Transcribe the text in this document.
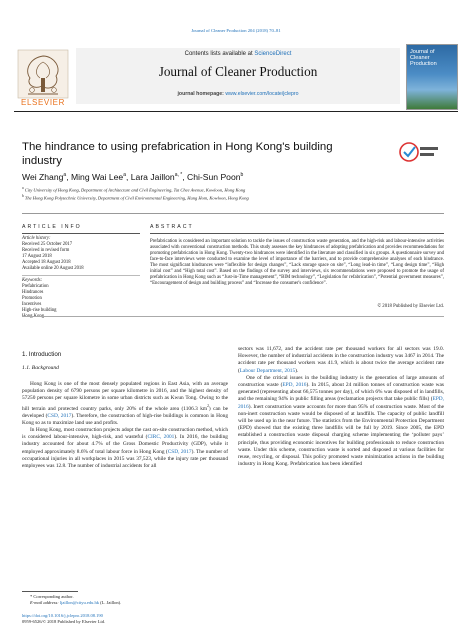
Journal of Cleaner Production 204 (2018) 70–81
ELSEVIER
Contents lists available at ScienceDirect
Journal of Cleaner Production
journal homepage: www.elsevier.com/locate/jclepro
Journal of Cleaner Production
The hindrance to using prefabrication in Hong Kong's building
industry
Wei Zhang$^a$, Ming Wai Lee$^a$, Lara Jaillon$^{a, *}$, Chi-Sun Poon$^b$
$^a$ City University of Hong Kong, Department of Architecture and Civil Engineering, Tat Chee Avenue, Kowloon, Hong Kong
$^b$ The Hong Kong Polytechnic University, Department of Civil Environmental Engineering, Hung Hom, Kowloon, Hong Kong
ARTICLE INFO
Article history:
Received 25 October 2017
Received in revised form
17 August 2018
Accepted 18 August 2018
Available online 20 August 2018
Keywords:
Prefabrication
Hindrances
Promotion
Incentives
High-rise building
Hong Kong
ABSTRACT
Prefabrication is considered an important solution to tackle the issues of construction waste generation, and the high-risk and labour-intensive activities associated with conventional construction methods. This study assesses the key hindrances of adopting prefabrication and provides recommendations for promoting prefabrication in Hong Kong. Twenty-two hindrances were identified in the literature and classified in six groups. A questionnaire survey and face-to-face interviews were conducted to examine the level of importance of the barriers, and to provide comprehensive analyses of each hindrance. The most significant hindrances were “inflexible for design changes”, “Lack storage space on site”, “Long lead-in time”, “Long design time”, “High initial cost” and “High total cost”. Based on the findings of the survey and interviews, six recommendations were proposed to promote the usage of prefabrication in Hong Kong such as “Just-in-Time management”, “BIM technology”, “Legislation for refabrication”, “Potential government measures”, “Encouragement of design and building process” and “Increase the consumer's confidence”.
© 2018 Published by Elsevier Ltd.
1. Introduction
1.1. Background

Hong Kong is one of the most densely populated regions in East Asia, with an average population density of 6790 persons per square kilometre in 2016, and the highest density of 57250 persons per square kilometre in some urban districts such as Kwun Tong. Owing to the hill terrain and protected country parks, only 20% of the whole area (1106.3 $km^2$) can be developed (CSD, 2017). Therefore, the construction of high-rise buildings is common in Hong Kong so as to maximize land use and profits.

In Hong Kong, most construction projects adopt the cast on-site construction method, which is considered labour-intensive, high-risk, and wasteful (CIRC, 2001). In 2016, the building industry accounted for about 4.7% of the Gross Domestic Productivity (GDP), while it employed approximately 8.6% of total labour force in Hong Kong (CSD, 2017). The number of occupational injuries in all workplaces in 2015 was 37,523, while the injury rate per thousand employees was 12.8. The number of industrial accidents for all

* Corresponding author.
E-mail address: ljaillon@cityu.edu.hk (L. Jaillon).
https://doi.org/10.1016/j.jclepro.2018.08.190
0959-6526/© 2018 Published by Elsevier Ltd.

sectors was 11,672, and the accident rate per thousand workers for all sectors was 19.0. However, the number of industrial accidents in the construction industry was 3467 in 2014. The accident rate per thousand workers was 41.9, which is about twice the average accident rate (Labour Department, 2015).

One of the critical issues in the building industry is the generation of large amounts of construction waste (EPD, 2016). In 2015, about 24 million tonnes of construction waste was generated (representing about 66,575 tonnes per day), of which 6% was disposed of in landfills, and the remaining 94% in public filling areas (reclamation projects that take public fills) (EPD, 2016). Inert construction waste accounts for more than 95% of construction waste. Most of the non-inert construction waste would be disposed of at landfills. The capacity of public landfill will be used up in the near future. The statistics from the Environmental Protection Department (EPD) showed that the existing three landfills will be full by 2019. Since 2005, the EPD established a construction waste disposal charging scheme implementing the ‘polluter pays’ principle, thus providing economic incentives for building professionals to reduce construction waste. Under this scheme, construction waste is sorted and disposed at various facilities for reuse, recycling, or disposal. This policy promoted waste minimization actions in the building industry in Hong Kong. Prefabrication has been identified
